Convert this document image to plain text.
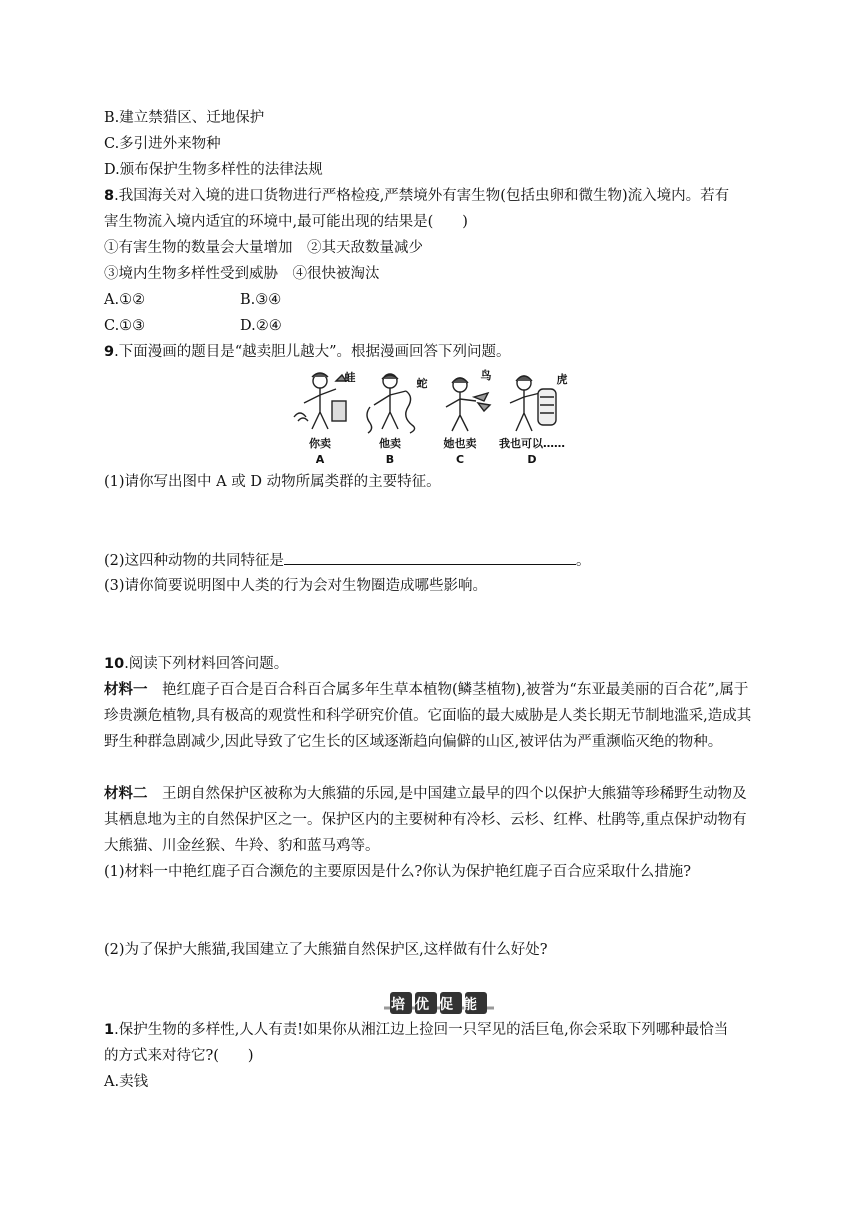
B.建立禁猎区、迁地保护
C.多引进外来物种
D.颁布保护生物多样性的法律法规
8.我国海关对入境的进口货物进行严格检疫,严禁境外有害生物(包括虫卵和微生物)流入境内。若有
害生物流入境内适宜的环境中,最可能出现的结果是(　　)
①有害生物的数量会大量增加　②其天敌数量减少
③境内生物多样性受到威胁　④很快被淘汰
A.①②	B.③④
C.①③	D.②④
9.下面漫画的题目是“越卖胆儿越大”。根据漫画回答下列问题。
蛙	蛇
鸟	虎
你卖	他卖	她也卖 我也可以……
A	B	C	D
(1)请你写出图中 A 或 D 动物所属类群的主要特征。
(2)这四种动物的共同特征是	。
(3)请你简要说明图中人类的行为会对生物圈造成哪些影响。
10.阅读下列材料回答问题。
材料一　艳红鹿子百合是百合科百合属多年生草本植物(鳞茎植物),被誉为“东亚最美丽的百合花”,属于珍贵濒危植物,具有极高的观赏性和科学研究价值。它面临的最大威胁是人类长期无节制地滥采,造成其野生种群急剧减少,因此导致了它生长的区域逐渐趋向偏僻的山区,被评估为严重濒临灭绝的物种。
材料二　王朗自然保护区被称为大熊猫的乐园,是中国建立最早的四个以保护大熊猫等珍稀野生动物及其栖息地为主的自然保护区之一。保护区内的主要树种有冷杉、云杉、红桦、杜鹃等,重点保护动物有大熊猫、川金丝猴、牛羚、豹和蓝马鸡等。
(1)材料一中艳红鹿子百合濒危的主要原因是什么?你认为保护艳红鹿子百合应采取什么措施?
(2)为了保护大熊猫,我国建立了大熊猫自然保护区,这样做有什么好处?
培优促能
1.保护生物的多样性,人人有责!如果你从湘江边上捡回一只罕见的活巨龟,你会采取下列哪种最恰当
的方式来对待它?(　　)
A.卖钱
